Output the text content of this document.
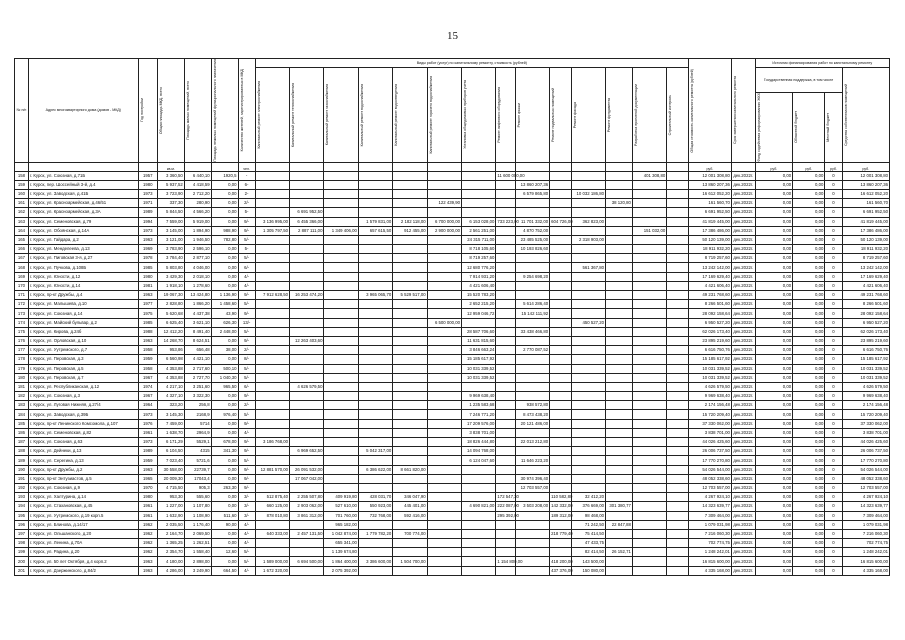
15
№ п/п	Адрес многоквартирного дома (домов - МКД)	Год постройки	Общая площадь МКД, всего	Площадь жилых помещений, всего	Площадь нежилых помещений функционального назначения	Количество жителей, зарегистрированных в МКД	Виды работ (услуг) по капитальному ремонту, стоимость (рублей)														Общая стоимость капитального ремонта (рублей)	Срок завершения капитального ремонта	Источник финансирования работ по капитальному ремонту			

							Капитальный ремонт электроснабжения	Капитальный ремонт теплоснабжения	Капитальный ремонт газоснабжения	Капитальный ремонт водоснабжения	Капитальный ремонт водоотведения	Капитальный ремонт горячего водоснабжения	Установка общедомовых приборов учета	Ремонт лифтового оборудования	Ремонт крыши	Ремонт подвальных помещений	Ремонт фасада	Ремонт фундамента	Разработка проектной документации	Строительный контроль			Государственная поддержка, в том числе			Средства собственников помещений

																							Фонд содействия реформированию ЖКХ	Областной бюджет	Местный бюджет	

			кв.м.			чел.															руб.		руб.	руб.	руб.	руб.
158	г. Курск, ул. Союзная, д.71Б	1957	3 360,50	6 440,10	1920,5	-								11 600 000,00					401 308,80		12 001 308,80	дек.2022г.	0,00	0,00	0	12 001 308,80
159	г. Курск, пер. Шоссейный 3-й, д.4	1980	5 937,52	4 418,59	0,00	6-									13 860 207,36						13 860 207,36	дек.2022г.	0,00	0,00	0	13 860 207,36
160	г. Курск, ул. Заводская, д.41Б	1973	3 723,90	2 712,20	0,00	2-									6 579 865,80		10 032 186,80				16 612 052,20	дек.2022г.	0,00	0,00	0	16 612 052,20
161	г. Курск, ул. Красноармейская, д.46/51	1971	337,30	280,90	0,00	2/-						122 439,90						38 120,80			161 560,70	дек.2022г.	0,00	0,00	0	161 560,70
162	г. Курск, ул. Красноармейская, д.3А	1989	5 844,50	4 566,20	0,00	5-		6 691 952,50													6 691 952,50	дек.2022г.	0,00	0,00	0	6 691 952,50
163	г. Курск, ул. Семеновская, д.79	1994	7 559,00	5 919,00	0,00	9/-	3 136 995,00	6 455 366,00		1 579 831,00	2 182 118,00	6 700 000,00	6 153 028,00	733 223,00	11 701 332,00	604 726,00	362 823,00				41 819 445,00	дек.2022г.	0,00	0,00	0	41 819 445,00
164	г. Курск, ул. Обоянская, д.14А	1973	3 145,00	1 894,90	988,90	9/-	1 305 797,50	2 887 111,00	1 349 406,00	657 615,50	912 455,00	2 900 000,00	2 561 251,00		4 870 752,00				151 032,00		17 386 486,00	дек.2022г.	0,00	0,00	0	17 386 486,00
165	г. Курск, ул. Гайдара, д.2	1963	3 121,00	1 946,50	782,80	5/-							24 315 711,00		23 485 525,00		2 318 903,00				50 120 139,00	дек.2022г.	0,00	0,00	0	50 120 139,00
166	г. Курск, ул. Менделеева, д.13	1969	3 783,90	2 596,10	0,00	5-							8 718 105,60		10 193 826,60						18 911 932,20	дек.2022г.	0,00	0,00	0	18 911 932,20
167	г. Курск, ул. Пиговская 3-я, д.27	1978	3 784,40	2 877,10	0,00	5/-							8 719 257,60								8 719 257,60	дек.2022г.	0,00	0,00	0	8 719 257,60
168	г. Курск, ул. Пучкова, д.108Б	1985	5 803,80	4 046,00	0,00	6/-							12 680 776,20				561 367,80				13 242 142,00	дек.2022г.	0,00	0,00	0	13 242 142,00
169	г. Курск, ул. Юности, д.12	1980	3 429,30	2 018,10	0,00	4/-							7 914 931,20		9 254 698,20						17 169 629,40	дек.2022г.	0,00	0,00	0	17 169 629,40
170	г. Курск, ул. Юности, д.14	1981	1 918,10	1 278,60	0,00	4/-							4 421 606,40								4 421 606,40	дек.2022г.	0,00	0,00	0	4 421 606,40
171	г. Курск, пр-кт Дружбы, д.4	1963	19 067,30	13 424,80	1 136,90	9/-	7 912 628,50	16 253 474,20		3 965 065,70	5 529 517,00		15 520 783,20								49 231 768,60	дек.2022г.	0,00	0,00	0	49 231 768,60
172	г. Курск, ул. Малышева, д.10	1977	2 828,80	1 866,20	1 458,60	5/-							2 652 215,20		5 614 286,40						8 266 501,60	дек.2022г.	0,00	0,00	0	8 266 501,60
173	г. Курск, ул. Союзная, д.14	1975	5 620,68	4 437,38	43,90	9/-							12 959 046,72		15 142 111,92						28 092 158,64	дек.2022г.	0,00	0,00	0	28 092 158,64
174	г. Курск, ул. Майский бульвар, д.2	1985	6 625,40	3 621,10	626,30	13/-						6 500 000,00					450 527,20				6 950 527,20	дек.2022г.	0,00	0,00	0	6 950 527,20
175	г. Курск, ул. Кирова, д.24б	1988	12 412,20	8 491,40	2 448,00	5/-							28 587 706,60		33 438 466,80						62 026 173,40	дек.2022г.	0,00	0,00	0	62 026 173,40
176	г. Курск, ул. Орловская, д.10	1963	14 268,70	8 624,51	0,00	9/-		12 263 403,60					11 631 815,60								23 895 219,60	дек.2022г.	0,00	0,00	0	23 895 219,60
177	г. Курск, ул. Уутремского, д.7	1958	953,86	656,48	38,00	2/-							3 846 663,24		2 770 087,52						6 616 750,76	дек.2022г.	0,00	0,00	0	6 616 750,76
178	г. Курск, ул. Перовская, д.3	1959	6 560,98	4 421,10	0,00	8/-							15 185 617,92								15 185 617,92	дек.2022г.	0,00	0,00	0	15 185 617,92
179	г. Курск, ул. Перовская, д.5	1958	4 353,88	2 717,60	500,10	5/-							10 031 339,52								10 031 339,52	дек.2022г.	0,00	0,00	0	10 031 339,52
180	г. Курск, ул. Перовская, д.7	1967	4 353,88	2 727,70	1 040,30	5/-							10 031 339,52								10 031 339,52	дек.2022г.	0,00	0,00	0	10 031 339,52
181	г. Курск, ул. Республиканская, д.12	1974	4 217,10	3 251,60	965,50	6/-		4 626 579,50													4 626 579,50	дек.2022г.	0,00	0,00	0	4 626 579,50
182	г. Курск, ул. Союзная, д.3	1967	4 327,10	3 322,30	0,00	9/-							9 969 638,40								9 969 638,40	дек.2022г.	0,00	0,00	0	9 969 638,40
183	г. Курск, ул. Луговая Нижняя, д.27/4	1964	323,20	256,8	0,00	2/-							1 235 583,68		938 572,80						2 174 156,48	дек.2022г.	0,00	0,00	0	2 174 156,48
184	г. Курск, ул. Заводская, д.39Б	1973	3 145,30	2168,9	976,40	5/-							7 246 771,20		8 473 438,20						15 720 209,40	дек.2022г.	0,00	0,00	0	15 720 209,40
185	г. Курск, пр-кт Ленинского Комсомола, д.107	1976	7 459,00	5714	0,00	9/-							17 209 576,00		20 121 486,00						37 330 062,00	дек.2022г.	0,00	0,00	0	37 330 062,00
186	г. Курск, ул. Семеновская, д.82	1961	1 638,70	2964,9	0,00	4/-							3 838 701,00								3 838 701,00	дек.2022г.	0,00	0,00	0	3 838 701,00
187	г. Курск, ул. Союзная, д.63	1973	6 171,29	5529,1	678,00	9/-	3 186 768,00						18 826 444,80		22 013 212,80						44 026 425,60	дек.2022г.	0,00	0,00	0	44 026 425,60
188	г. Курск, ул. Дейнеки, д.13	1989	6 104,50	4315	341,30	9/-		6 969 652,50		5 042 317,00			14 094 768,00								26 006 737,50	дек.2022г.	0,00	0,00	0	26 006 737,50
189	г. Курск, ул. Серегина, д.13	1959	7 023,40	5721,6	0,00	5/-							6 124 047,60		11 646 223,20						17 770 270,80	дек.2022г.	0,00	0,00	0	17 770 270,80
190	г. Курск, пр-кт Дружбы, д.2	1963	30 558,00	22739,7	0,00	9/-	12 881 570,00	26 091 532,00		6 386 622,00	8 661 820,00										54 026 544,00	дек.2022г.	0,00	0,00	0	54 026 544,00
191	г. Курск, пр-кт Энтузиастов, д.5	1965	20 009,30	17043,4	0,00	9/-		17 067 042,00							30 974 396,40						48 052 338,60	дек.2022г.	0,00	0,00	0	48 052 338,60
192	г. Курск, ул. Союзная, д.9	1970	4 715,50	905,3	263,30	9/-									12 703 557,00						12 703 557,00	дек.2022г.	0,00	0,00	0	12 703 557,00
193	г. Курск, ул. Халтурина, д.14	1980	953,30	555,60	0,00	3/-	512 875,40	2 255 507,80	409 919,80	428 031,70	346 047,90			172 547,30		110 582,80	32 412,20				4 267 924,10	дек.2022г.	0,00	0,00	0	4 267 924,10
194	г. Курск, ул. Стахановская, д.45	1961	1 227,00	1 107,80	0,00	3/-	660 125,00	2 903 062,00	527 610,00	550 923,00	445 401,00		4 690 821,00	222 087,00	3 503 208,00	142 332,00	376 669,00	301 380,77			14 323 639,77	дек.2022г.	0,00	0,00	0	14 323 639,77
195	г. Курск, ул. Уутремского, д.19 корп.5	1961	1 632,90	1 108,90	511,60	3/-	878 010,80	3 861 312,00	701 760,00	732 768,00	592 416,00			295 392,00		189 312,00	98 468,00				7 309 464,00	дек.2022г.	0,00	0,00	0	7 309 464,00
196	г. Курск, ул. Блинова, д.14/17	1962	2 035,50	1 176,40	90,00	4/-			965 182,00								71 242,50	22 847,88			1 079 031,98	дек.2022г.	0,00	0,00	0	1 079 031,98
197	г. Курск, ул. Ольшанского, д.20	1962	2 164,70	2 069,50	0,00	4/-	640 333,00	2 457 131,50	1 042 874,00	1 779 782,20	700 774,00					218 779,40	75 414,50				7 216 060,30	дек.2022г.	0,00	0,00	0	7 216 060,30
198	г. Курск, ул. Ленина, д.70А	1962	1 365,25	1 262,51	0,00	4/-			655 341,00								47 433,75				702 774,75	дек.2022г.	0,00	0,00	0	702 774,75
199	г. Курск, ул. Радина, д.20	1962	2 354,70	1 558,40	12,60	5/-			1 139 674,80								82 414,50	26 152,71			1 248 242,01	дек.2022г.	0,00	0,00	0	1 248 242,01
200	г. Курск, ул. 50 лет Октября, д.4 корп.2	1963	4 180,00	2 898,00	0,00	5/-	1 589 000,00	6 694 500,00	1 864 400,00	3 386 600,00	1 504 700,00			1 154 800,00		418 200,00	143 500,00				16 815 600,00	дек.2022г.	0,00	0,00	0	16 815 600,00
201	г. Курск, ул. Дзержинского, д.84/2	1963	4 286,00	3 249,90	664,50	4/-	1 672 320,00		2 075 392,00							437 376,00	150 080,00				4 335 168,00	дек.2022г.	0,00	0,00	0	4 335 168,00
